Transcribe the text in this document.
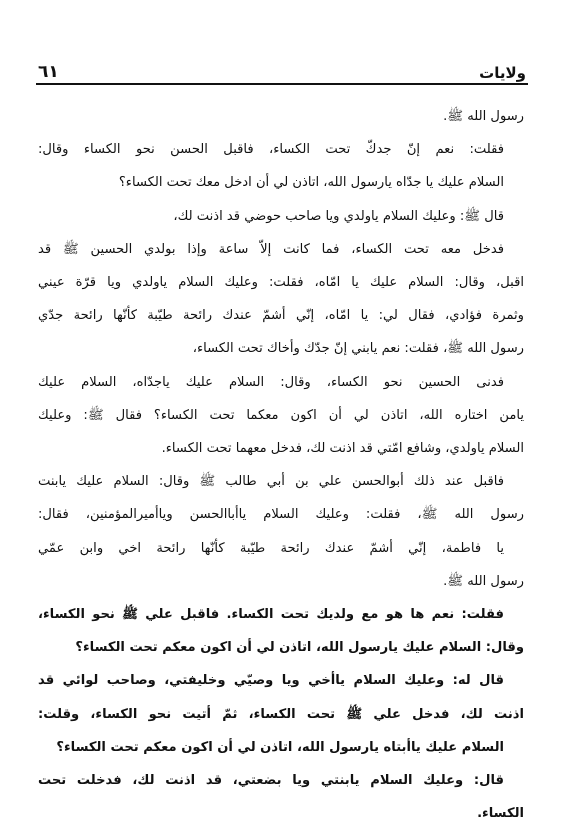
ولايات
٦١
رسول الله ﷺ.
فقلت: نعم إنّ جدكّ تحت الكساء، فاقبل الحسن نحو الكساء وقال:
السلام عليك يا جدّاه يارسول الله، اتاذن لي أن ادخل معك تحت الكساء؟
قال ﷺ: وعليك السلام ياولدي ويا صاحب حوضي قد اذنت لك،
فدخل معه تحت الكساء، فما كانت إلاّ ساعة وإذا بولدي الحسين ﷺ قد
اقبل، وقال: السلام عليك يا امّاه، فقلت: وعليك السلام ياولدي ويا قرّة عيني
وثمرة فؤادي، فقال لي: يا امّاه، إنّي أشمّ عندك رائحة طيّبة كأنّها رائحة جدّي
رسول الله ﷺ، فقلت: نعم يابني إنّ جدّك وأخاك تحت الكساء،
فدنى الحسين نحو الكساء، وقال: السلام عليك ياجدّاه، السلام عليك
يامن اختاره الله، اتاذن لي أن اكون معكما تحت الكساء؟ فقال ﷺ: وعليك
السلام ياولدي، وشافع امّتي قد اذنت لك، فدخل معهما تحت الكساء.
فاقبل عند ذلك أبوالحسن علي بن أبي طالب ﷺ وقال: السلام عليك يابنت
رسول الله ﷺ، فقلت: وعليك السلام ياأباالحسن وياأميرالمؤمنين، فقال:
يا فاطمة، إنّي أشمّ عندك رائحة طيّبة كأنّها رائحة اخي وابن عمّي
رسول الله ﷺ.
فقلت: نعم ها هو مع ولديك تحت الكساء. فاقبل علي ﷺ نحو الكساء،
وقال: السلام عليك يارسول الله، اتاذن لي أن اكون معكم تحت الكساء؟
قال له: وعليك السلام ياأخي ويا وصيّي وخليفتي، وصاحب لوائي قد
اذنت لك، فدخل علي ﷺ تحت الكساء، ثمّ أتيت نحو الكساء، وقلت:
السلام عليك ياأبتاه يارسول الله، اتاذن لي أن اكون معكم تحت الكساء؟
قال: وعليك السلام يابنتي ويا بضعتي، قد اذنت لك، فدخلت تحت
الكساء.
